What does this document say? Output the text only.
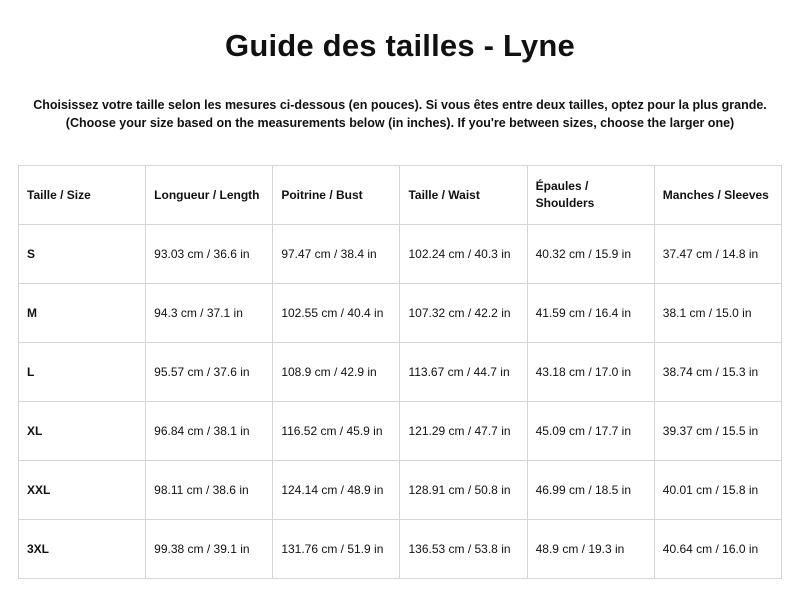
Guide des tailles - Lyne

Choisissez votre taille selon les mesures ci-dessous (en pouces). Si vous êtes entre deux tailles, optez pour la plus grande.

(Choose your size based on the measurements below (in inches). If you're between sizes, choose the larger one)

Taille / Size	Longueur / Length	Poitrine / Bust	Taille / Waist	Épaules / Shoulders	Manches / Sleeves
S	93.03 cm / 36.6 in	97.47 cm / 38.4 in	102.24 cm / 40.3 in	40.32 cm / 15.9 in	37.47 cm / 14.8 in
M	94.3 cm / 37.1 in	102.55 cm / 40.4 in	107.32 cm / 42.2 in	41.59 cm / 16.4 in	38.1 cm / 15.0 in
L	95.57 cm / 37.6 in	108.9 cm / 42.9 in	113.67 cm / 44.7 in	43.18 cm / 17.0 in	38.74 cm / 15.3 in
XL	96.84 cm / 38.1 in	116.52 cm / 45.9 in	121.29 cm / 47.7 in	45.09 cm / 17.7 in	39.37 cm / 15.5 in
XXL	98.11 cm / 38.6 in	124.14 cm / 48.9 in	128.91 cm / 50.8 in	46.99 cm / 18.5 in	40.01 cm / 15.8 in
3XL	99.38 cm / 39.1 in	131.76 cm / 51.9 in	136.53 cm / 53.8 in	48.9 cm / 19.3 in	40.64 cm / 16.0 in
